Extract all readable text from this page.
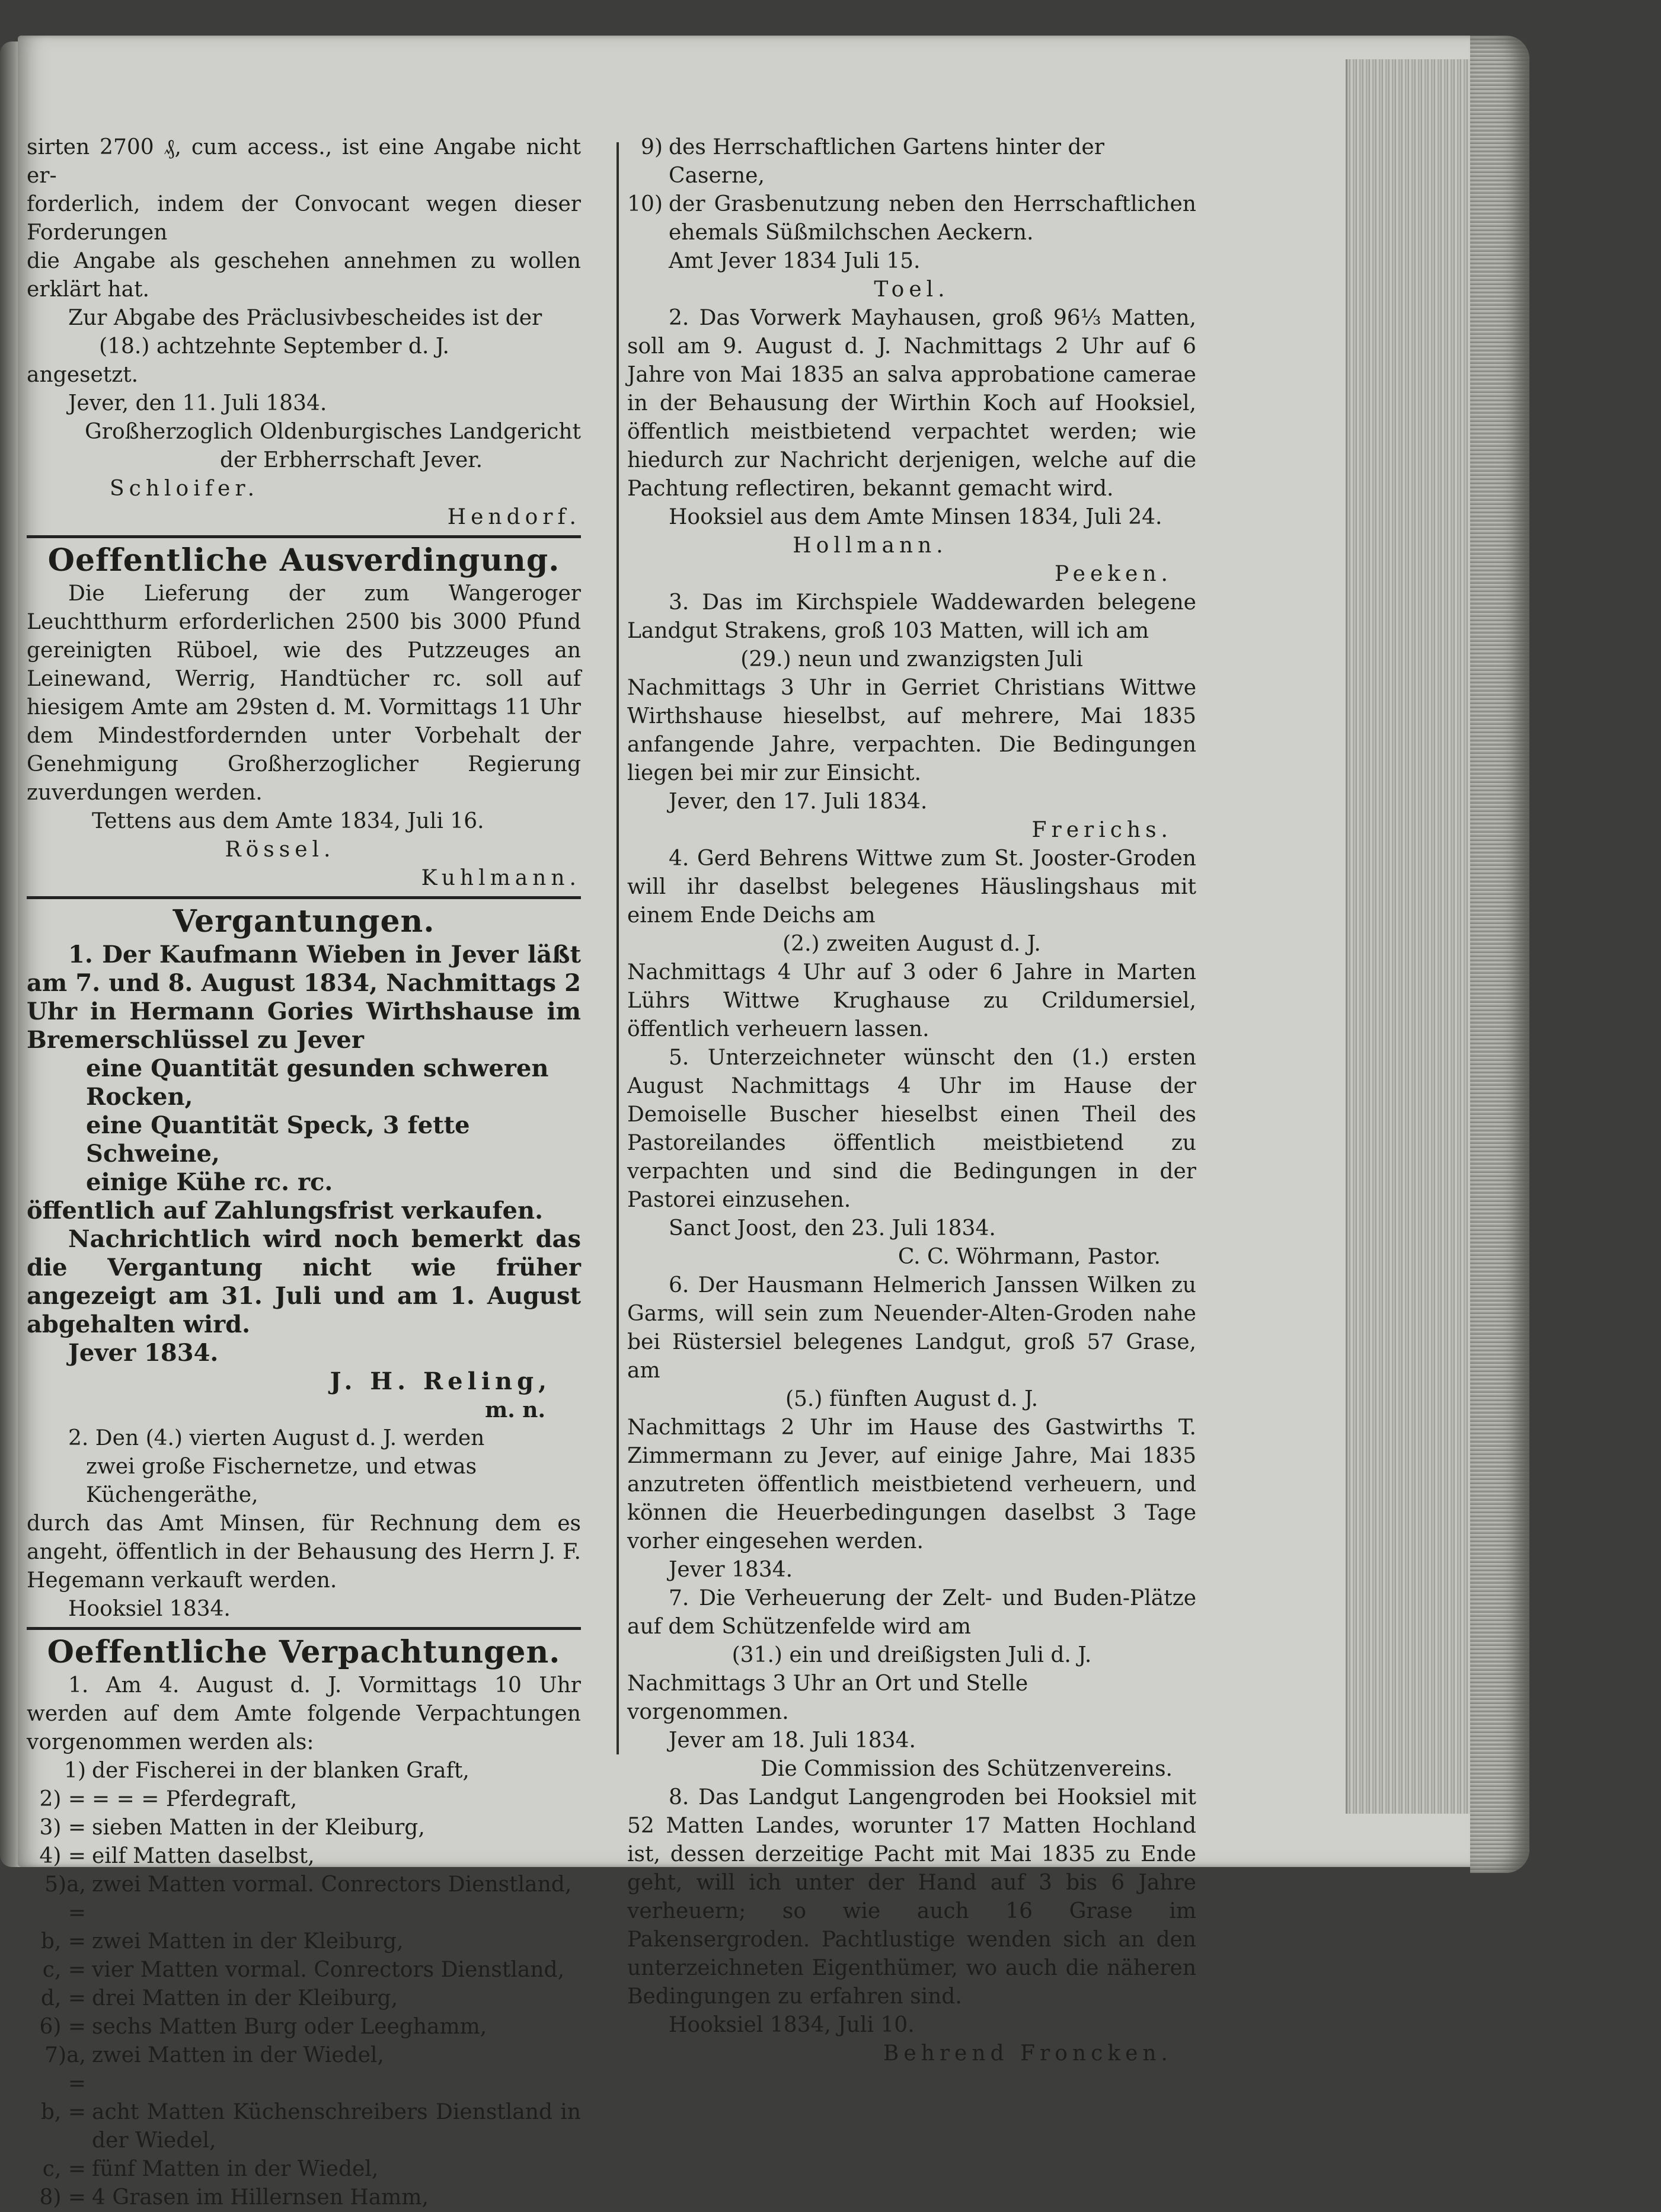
sirten 2700 ₰, cum access., ist eine Angabe nicht er-

forderlich, indem der Convocant wegen dieser Forderungen

die Angabe als geschehen annehmen zu wollen erklärt hat.

Zur Abgabe des Präclusivbescheides ist der

(18.) achtzehnte September d. J.

angesetzt.

Jever, den 11. Juli 1834.

Großherzoglich Oldenburgisches Landgericht

der Erbherrschaft Jever.

Schloifer.

Hendorf.

Oeffentliche Ausverdingung.

Die Lieferung der zum Wangeroger Leuchtthurm erforderlichen 2500 bis 3000 Pfund gereinigten Rüboel, wie des Putzzeuges an Leinewand, Werrig, Handtücher rc. soll auf hiesigem Amte am 29sten d. M. Vormittags 11 Uhr dem Mindestfordernden unter Vorbehalt der Genehmigung Großherzoglicher Regierung zuverdungen werden.

Tettens aus dem Amte 1834, Juli 16.

Rössel.

Kuhlmann.

Vergantungen.

1. Der Kaufmann Wieben in Jever läßt am 7. und 8. August 1834, Nachmittags 2 Uhr in Hermann Gories Wirthshause im Bremerschlüssel zu Jever

eine Quantität gesunden schweren Rocken,

eine Quantität Speck, 3 fette Schweine,

einige Kühe rc. rc.

öffentlich auf Zahlungsfrist verkaufen.

Nachrichtlich wird noch bemerkt das die Vergantung nicht wie früher angezeigt am 31. Juli und am 1. August abgehalten wird.

Jever 1834.

J. H. Reling,

m. n.

2. Den (4.) vierten August d. J. werden

zwei große Fischernetze, und etwas Küchengeräthe,

durch das Amt Minsen, für Rechnung dem es angeht, öffentlich in der Behausung des Herrn J. F. Hegemann verkauft werden.

Hooksiel 1834.

Oeffentliche Verpachtungen.

1. Am 4. August d. J. Vormittags 10 Uhr werden auf dem Amte folgende Verpachtungen vorgenommen werden als:

1) der Fischerei in der blanken Graft,
2) = = = = Pferdegraft,
3) = sieben Matten in der Kleiburg,
4) = eilf Matten daselbst,
5)a, =
zwei Matten vormal. Conrectors Dienstland,
b, = zwei Matten in der Kleiburg,
c, = vier Matten vormal. Conrectors Dienstland,
d, = drei Matten in der Kleiburg,
6) = sechs Matten Burg oder Leeghamm,
7)a, =
zwei Matten in der Wiedel,
b, = acht Matten Küchenschreibers Dienstland in der Wiedel,
c, = fünf Matten in der Wiedel,
8) = 4 Grasen im Hillernsen Hamm,
9) des Herrschaftlichen Gartens hinter der Caserne,
10) der Grasbenutzung neben den Herrschaftlichen ehemals Süßmilchschen Aeckern.

Amt Jever 1834 Juli 15.

Toel.

2. Das Vorwerk Mayhausen, groß 96⅓ Matten, soll am 9. August d. J. Nachmittags 2 Uhr auf 6 Jahre von Mai 1835 an salva approbatione camerae in der Behausung der Wirthin Koch auf Hooksiel, öffentlich meistbietend verpachtet werden; wie hiedurch zur Nachricht derjenigen, welche auf die Pachtung reflectiren, bekannt gemacht wird.

Hooksiel aus dem Amte Minsen 1834, Juli 24.

Hollmann.

Peeken.

3. Das im Kirchspiele Waddewarden belegene Landgut Strakens, groß 103 Matten, will ich am

(29.) neun und zwanzigsten Juli

Nachmittags 3 Uhr in Gerriet Christians Wittwe Wirthshause hieselbst, auf mehrere, Mai 1835 anfangende Jahre, verpachten. Die Bedingungen liegen bei mir zur Einsicht.

Jever, den 17. Juli 1834.

Frerichs.

4. Gerd Behrens Wittwe zum St. Jooster-Groden will ihr daselbst belegenes Häuslingshaus mit einem Ende Deichs am

(2.) zweiten August d. J.

Nachmittags 4 Uhr auf 3 oder 6 Jahre in Marten Lührs Wittwe Krughause zu Crildumersiel, öffentlich verheuern lassen.

5. Unterzeichneter wünscht den (1.) ersten August Nachmittags 4 Uhr im Hause der Demoiselle Buscher hieselbst einen Theil des Pastoreilandes öffentlich meistbietend zu verpachten und sind die Bedingungen in der Pastorei einzusehen.

Sanct Joost, den 23. Juli 1834.

C. C. Wöhrmann, Pastor.

6. Der Hausmann Helmerich Janssen Wilken zu Garms, will sein zum Neuender-Alten-Groden nahe bei Rüstersiel belegenes Landgut, groß 57 Grase, am

(5.) fünften August d. J.

Nachmittags 2 Uhr im Hause des Gastwirths T. Zimmermann zu Jever, auf einige Jahre, Mai 1835 anzutreten öffentlich meistbietend verheuern, und können die Heuerbedingungen daselbst 3 Tage vorher eingesehen werden.

Jever 1834.

7. Die Verheuerung der Zelt- und Buden-Plätze auf dem Schützenfelde wird am

(31.) ein und dreißigsten Juli d. J.

Nachmittags 3 Uhr an Ort und Stelle vorgenommen.

Jever am 18. Juli 1834.

Die Commission des Schützenvereins.

8. Das Landgut Langengroden bei Hooksiel mit 52 Matten Landes, worunter 17 Matten Hochland ist, dessen derzeitige Pacht mit Mai 1835 zu Ende geht, will ich unter der Hand auf 3 bis 6 Jahre verheuern; so wie auch 16 Grase im Pakensergroden. Pachtlustige wenden sich an den unterzeichneten Eigenthümer, wo auch die näheren Bedingungen zu erfahren sind.

Hooksiel 1834, Juli 10.

Behrend Froncken.
